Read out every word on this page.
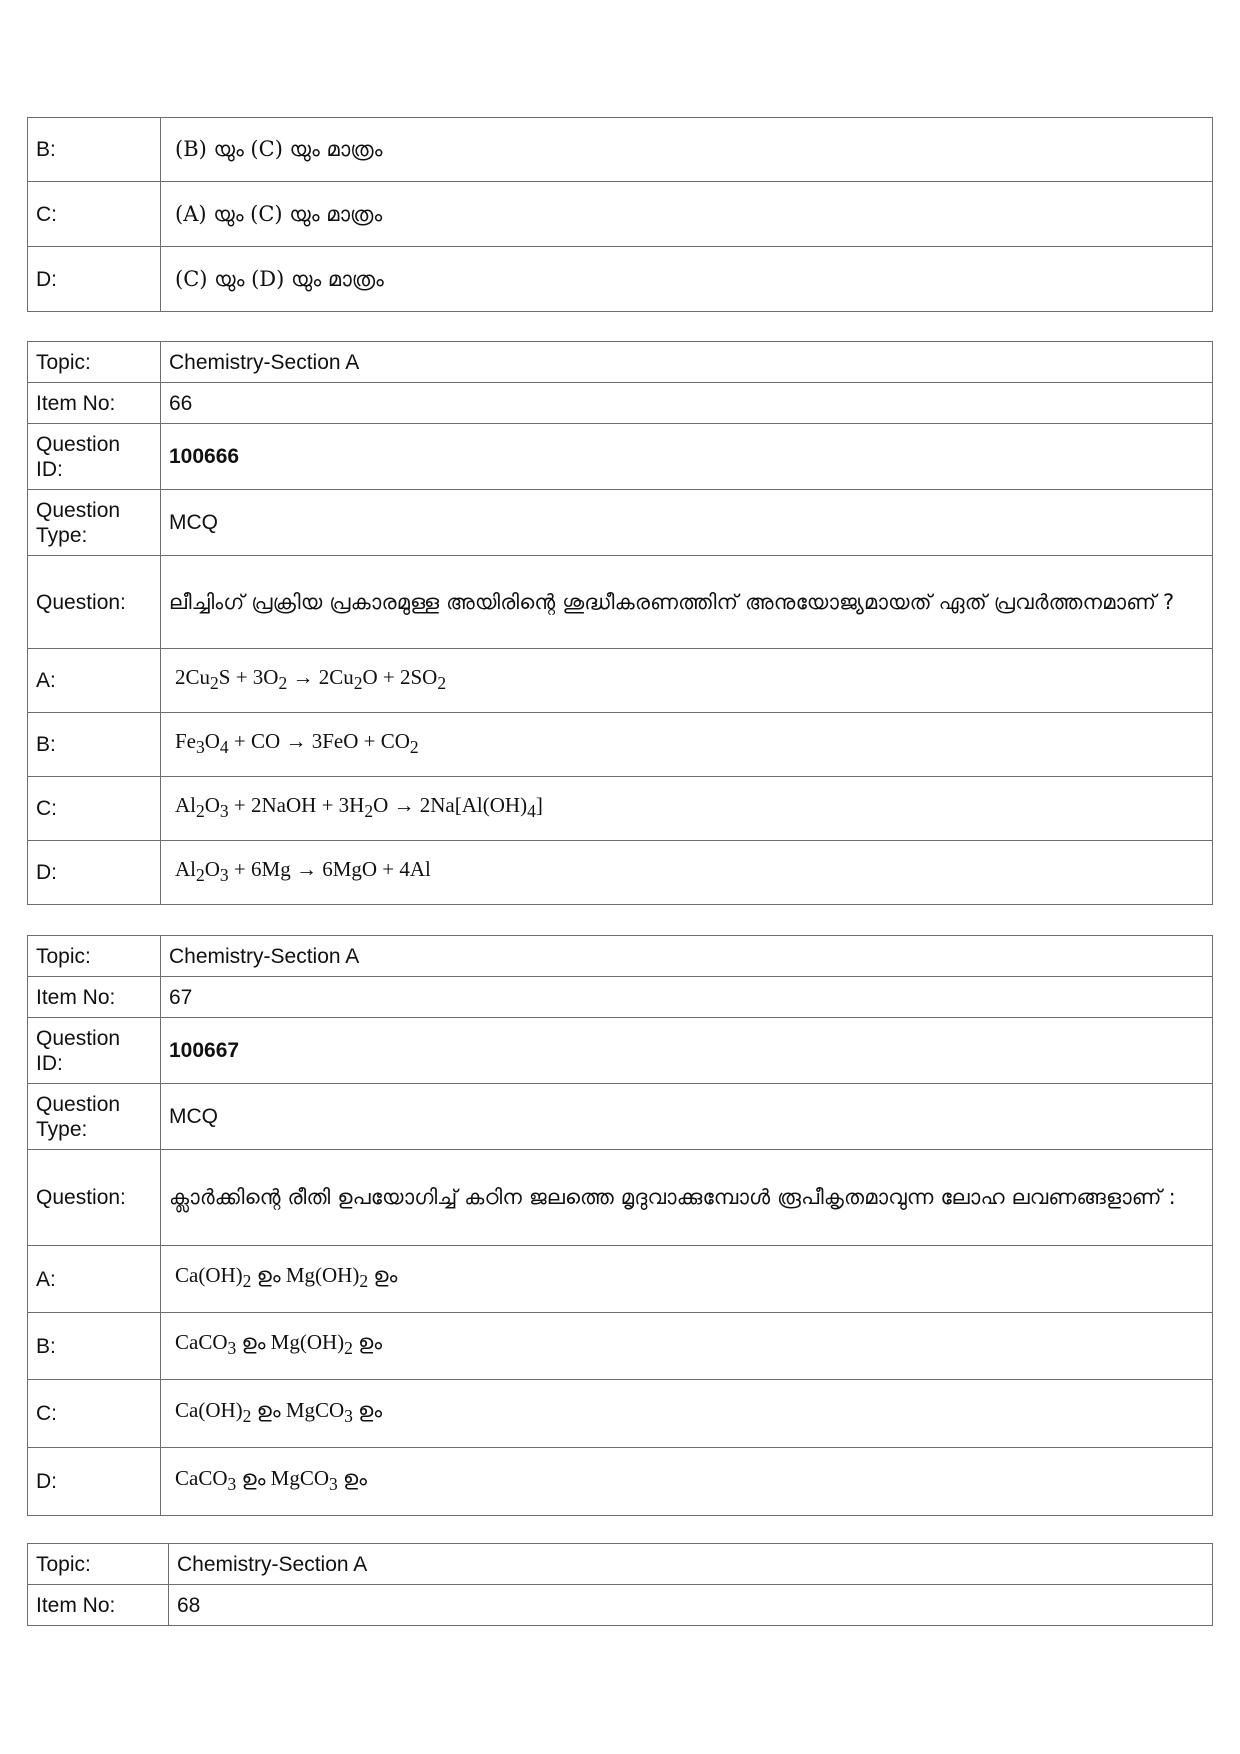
B:	(B) യും (C) യും മാത്രം
C:	(A) യും (C) യും മാത്രം
D:	(C) യും (D) യും മാത്രം
Topic:	Chemistry-Section A
Item No:	66
Question ID:	100666
Question Type:	MCQ
Question:	ലീച്ചിംഗ് പ്രക്രിയ പ്രകാരമുള്ള അയിരിന്റെ ശുദ്ധീകരണത്തിന് അനുയോജ്യമായത് ഏത് പ്രവർത്തനമാണ് ?
A:	$2Cu_2S + 3O_2 \to 2Cu_2O + 2SO_2$
B:	$Fe_3O_4$ + CO → $3FeO + CO_2$
C:	$Al_2O_3$ + 2NaOH + $3H_2O \to 2Na[Al(OH)_4]$
D:	$Al_2O_3 + 6Mg \to 6MgO + 4Al$
Topic:	Chemistry-Section A
Item No:	67
Question ID:	100667
Question Type:	MCQ
Question:	ക്ലാർക്കിന്റെ രീതി ഉപയോഗിച്ച് കഠിന ജലത്തെ മൃദുവാക്കുമ്പോൾ രൂപീകൃതമാവുന്ന ലോഹ ലവണങ്ങളാണ് :
A:	$Ca(OH)_2$ ഉം $Mg(OH)_2$ ഉം
B:	CaCO$_3$ ഉം $Mg(OH)_2$ ഉം
C:	$Ca(OH)_2$ ഉം MgCO$_3$ ഉം
D:	CaCO$_3$ ഉം MgCO$_3$ ഉം
Topic:	Chemistry-Section A
Item No:	68
